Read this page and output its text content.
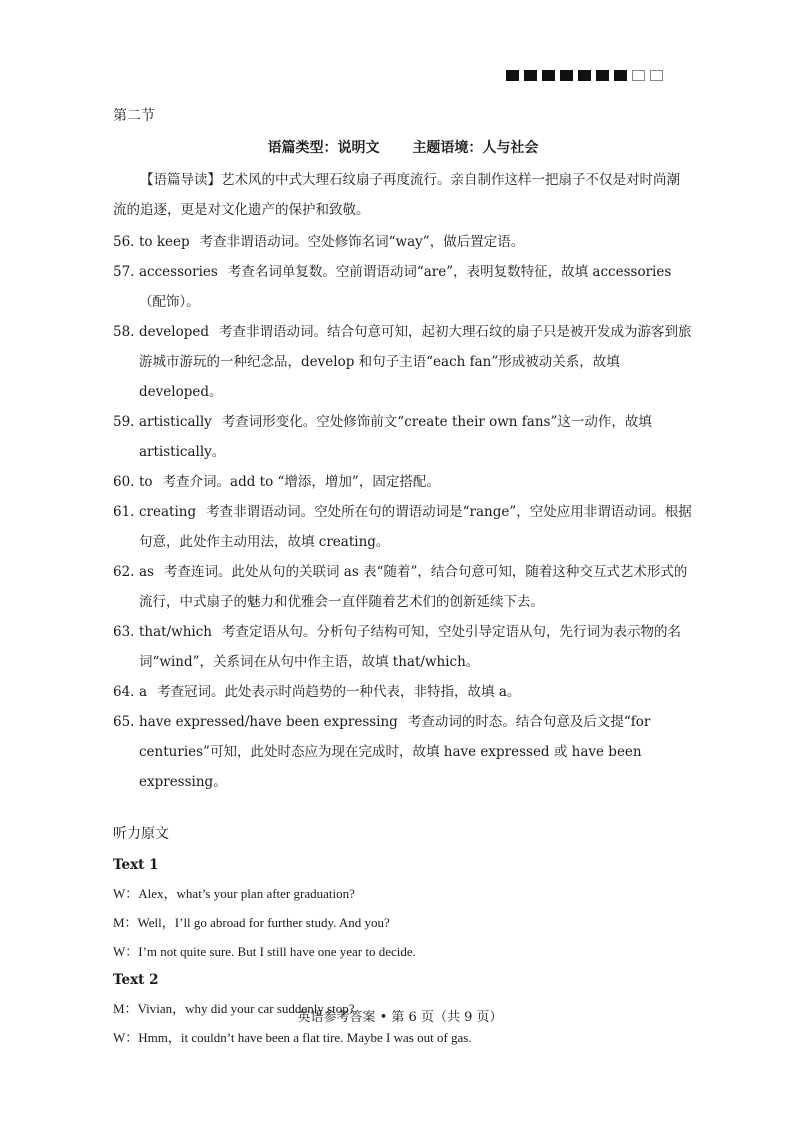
第二节
语篇类型：说明文 主题语境：人与社会

【语篇导读】艺术风的中式大理石纹扇子再度流行。亲自制作这样一把扇子不仅是对时尚潮流的追逐，更是对文化遗产的保护和致敬。

56. to keep 考查非谓语动词。空处修饰名词“way”，做后置定语。
57. accessories 考查名词单复数。空前谓语动词“are”，表明复数特征，故填 accessories（配饰）。
58. developed 考查非谓语动词。结合句意可知，起初大理石纹的扇子只是被开发成为游客到旅游城市游玩的一种纪念品，develop 和句子主语“each fan”形成被动关系，故填 developed。
59. artistically 考查词形变化。空处修饰前文“create their own fans”这一动作，故填 artistically。
60. to 考查介词。add to “增添，增加”，固定搭配。
61. creating 考查非谓语动词。空处所在句的谓语动词是“range”，空处应用非谓语动词。根据句意，此处作主动用法，故填 creating。
62. as 考查连词。此处从句的关联词 as 表“随着”，结合句意可知，随着这种交互式艺术形式的流行，中式扇子的魅力和优雅会一直伴随着艺术们的创新延续下去。
63. that/which 考查定语从句。分析句子结构可知，空处引导定语从句，先行词为表示物的名词“wind”，关系词在从句中作主语，故填 that/which。
64. a 考查冠词。此处表示时尚趋势的一种代表，非特指，故填 a。
65. have expressed/have been expressing 考查动词的时态。结合句意及后文提“for centuries”可知，此处时态应为现在完成时，故填 have expressed 或 have been expressing。
听力原文
Text 1
W：Alex，what’s your plan after graduation?
M：Well，I’ll go abroad for further study. And you?
W：I’m not quite sure. But I still have one year to decide.
Text 2
M：Vivian，why did your car suddenly stop?
W：Hmm，it couldn’t have been a flat tire. Maybe I was out of gas.
英语参考答案 • 第 6 页（共 9 页）
